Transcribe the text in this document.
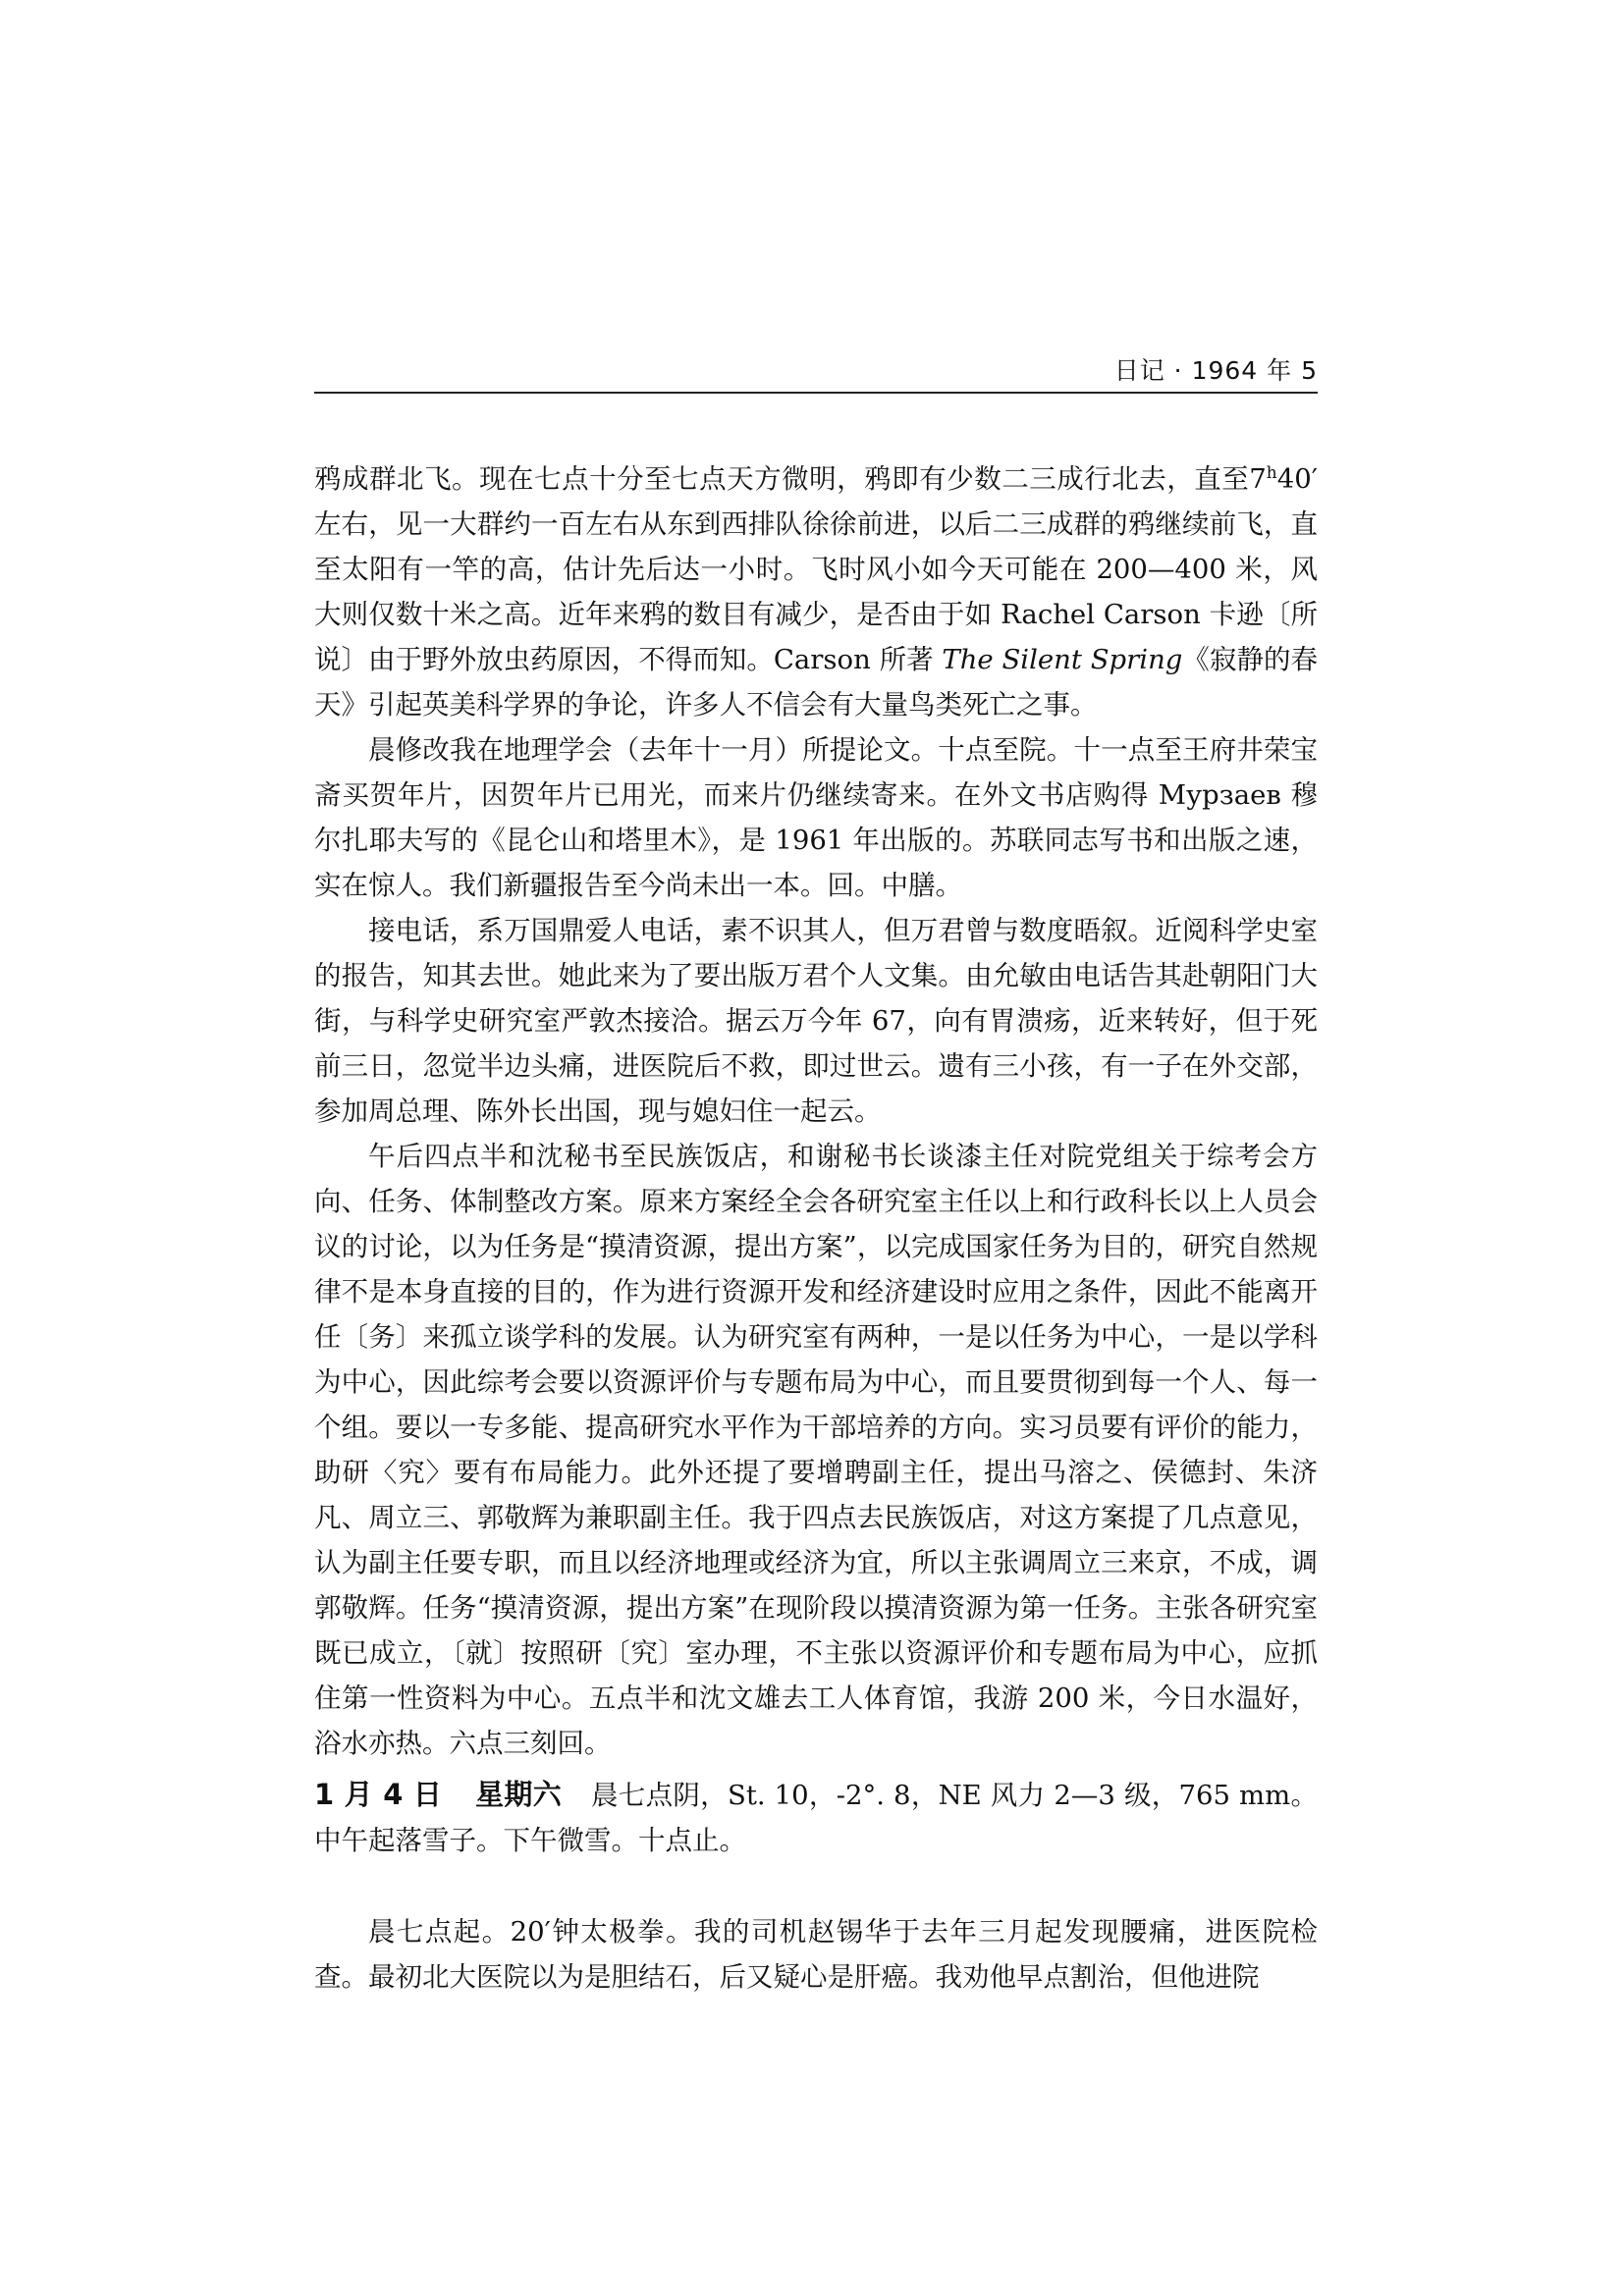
日记 · 1964 年 5

鸦成群北飞。现在七点十分至七点天方微明，鸦即有少数二三成行北去，直至7$^h$40′左右，见一大群约一百左右从东到西排队徐徐前进，以后二三成群的鸦继续前飞，直至太阳有一竿的高，估计先后达一小时。飞时风小如今天可能在 200—400 米，风大则仅数十米之高。近年来鸦的数目有减少，是否由于如 Rachel Carson 卡逊〔所说〕由于野外放虫药原因，不得而知。Carson 所著 The Silent Spring《寂静的春天》引起英美科学界的争论，许多人不信会有大量鸟类死亡之事。

晨修改我在地理学会（去年十一月）所提论文。十点至院。十一点至王府井荣宝斋买贺年片，因贺年片已用光，而来片仍继续寄来。在外文书店购得 Мурзаев 穆尔扎耶夫写的《昆仑山和塔里木》，是 1961 年出版的。苏联同志写书和出版之速，实在惊人。我们新疆报告至今尚未出一本。回。中膳。

接电话，系万国鼎爱人电话，素不识其人，但万君曾与数度晤叙。近阅科学史室的报告，知其去世。她此来为了要出版万君个人文集。由允敏由电话告其赴朝阳门大街，与科学史研究室严敦杰接洽。据云万今年 67，向有胃溃疡，近来转好，但于死前三日，忽觉半边头痛，进医院后不救，即过世云。遗有三小孩，有一子在外交部，参加周总理、陈外长出国，现与媳妇住一起云。

午后四点半和沈秘书至民族饭店，和谢秘书长谈漆主任对院党组关于综考会方向、任务、体制整改方案。原来方案经全会各研究室主任以上和行政科长以上人员会议的讨论，以为任务是“摸清资源，提出方案”，以完成国家任务为目的，研究自然规律不是本身直接的目的，作为进行资源开发和经济建设时应用之条件，因此不能离开任〔务〕来孤立谈学科的发展。认为研究室有两种，一是以任务为中心，一是以学科为中心，因此综考会要以资源评价与专题布局为中心，而且要贯彻到每一个人、每一个组。要以一专多能、提高研究水平作为干部培养的方向。实习员要有评价的能力，助研〈究〉要有布局能力。此外还提了要增聘副主任，提出马溶之、侯德封、朱济凡、周立三、郭敬辉为兼职副主任。我于四点去民族饭店，对这方案提了几点意见，认为副主任要专职，而且以经济地理或经济为宜，所以主张调周立三来京，不成，调郭敬辉。任务“摸清资源，提出方案”在现阶段以摸清资源为第一任务。主张各研究室既已成立，〔就〕按照研〔究〕室办理，不主张以资源评价和专题布局为中心，应抓住第一性资料为中心。五点半和沈文雄去工人体育馆，我游 200 米，今日水温好，浴水亦热。六点三刻回。

1 月 4 日 星期六 晨七点阴，St. 10，-2°. 8，NE 风力 2—3 级，765 mm。中午起落雪子。下午微雪。十点止。

晨七点起。20′钟太极拳。我的司机赵锡华于去年三月起发现腰痛，进医院检查。最初北大医院以为是胆结石，后又疑心是肝癌。我劝他早点割治，但他进院
